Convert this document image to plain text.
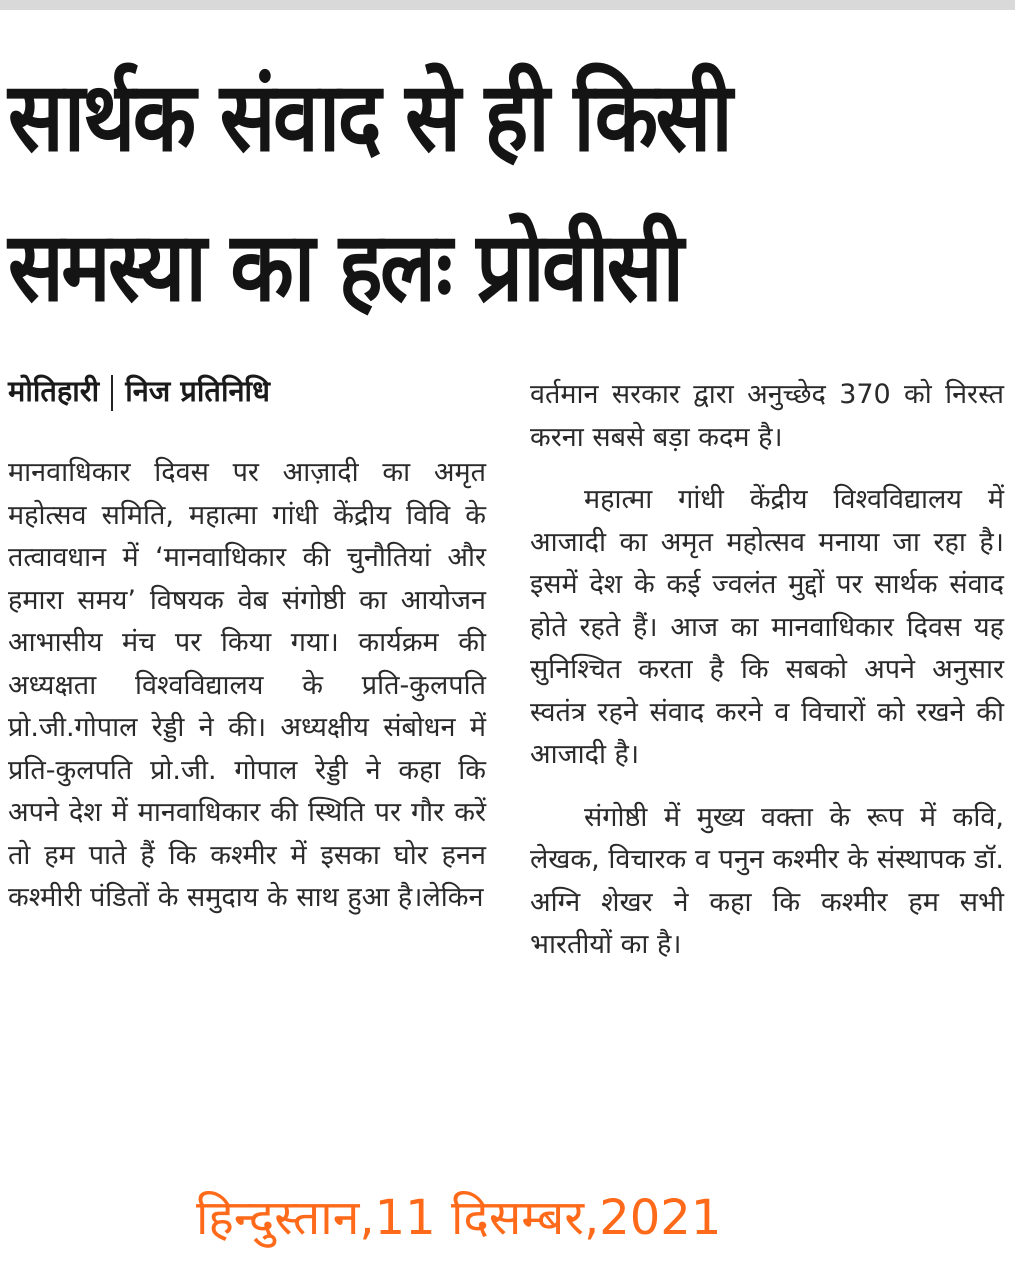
सार्थक संवाद से ही किसी
समस्या का हलः प्रोवीसी
मोतिहारी निज प्रतिनिधि

मानवाधिकार दिवस पर आज़ादी का अमृत महोत्सव समिति, महात्मा गांधी केंद्रीय विवि के तत्वावधान में ‘मानवाधिकार की चुनौतियां और हमारा समय’ विषयक वेब संगोष्ठी का आयोजन आभासीय मंच पर किया गया। कार्यक्रम की अध्यक्षता विश्वविद्यालय के प्रति-कुलपति प्रो.जी.गोपाल रेड्डी ने की। अध्यक्षीय संबोधन में प्रति-कुलपति प्रो.जी. गोपाल रेड्डी ने कहा कि अपने देश में मानवाधिकार की स्थिति पर गौर करें तो हम पाते हैं कि कश्मीर में इसका घोर हनन कश्मीरी पंडितों के समुदाय के साथ हुआ है।लेकिन

वर्तमान सरकार द्वारा अनुच्छेद 370 को निरस्त करना सबसे बड़ा कदम है।

महात्मा गांधी केंद्रीय विश्वविद्यालय में आजादी का अमृत महोत्सव मनाया जा रहा है। इसमें देश के कई ज्वलंत मुद्दों पर सार्थक संवाद होते रहते हैं। आज का मानवाधिकार दिवस यह सुनिश्चित करता है कि सबको अपने अनुसार स्वतंत्र रहने संवाद करने व विचारों को रखने की आजादी है।

संगोष्ठी में मुख्य वक्ता के रूप में कवि, लेखक, विचारक व पनुन कश्मीर के संस्थापक डॉ. अग्नि शेखर ने कहा कि कश्मीर हम सभी भारतीयों का है।

हिन्दुस्तान,11 दिसम्बर,2021
